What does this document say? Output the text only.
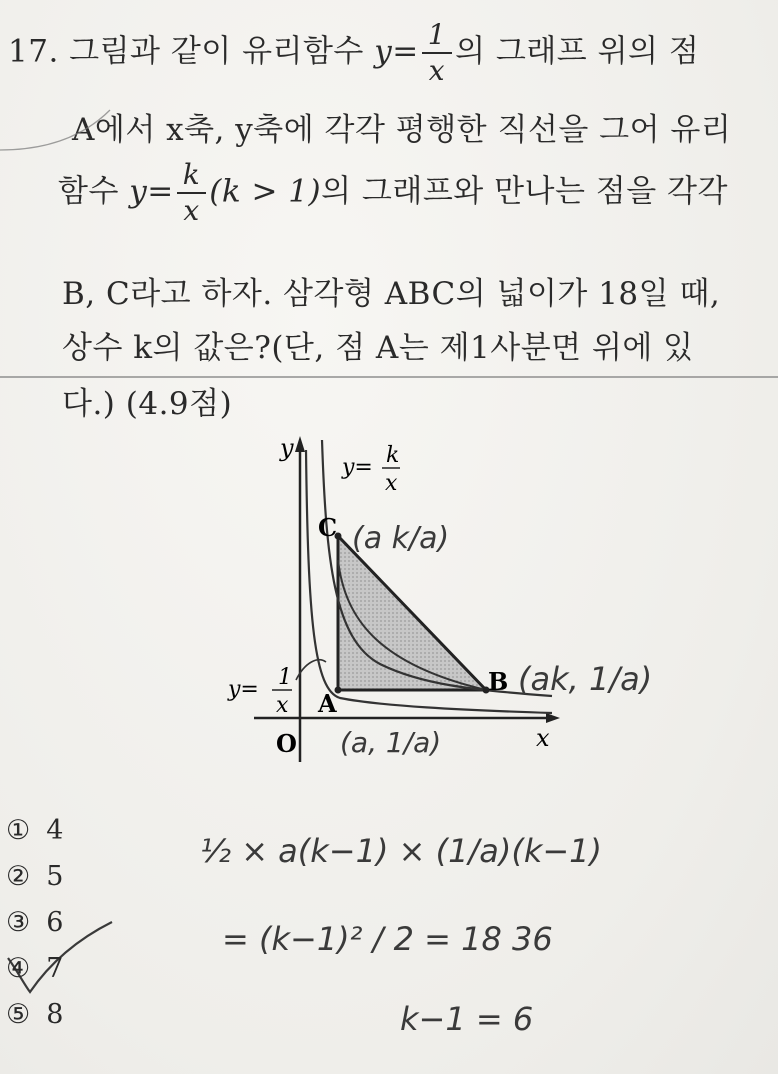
17. 그림과 같이 유리함수 $y= \frac{1}{x}$ 의 그래프 위의 점
A에서 x축, y축에 각각 평행한 직선을 그어 유리
함수 $y= \frac{k}{x} (k > 1)$의 그래프와 만나는 점을 각각
B, C라고 하자. 삼각형 ABC의 넓이가 18일 때,
상수 k의 값은?(단, 점 A는 제1사분면 위에 있
다.) (4.9점)
y
x
O
y= k
x
y= 1
x A
B
C (a k/a)
(ak, 1/a)
(a, 1/a)
½ × a(k−1) × (1/a)(k−1)
= (k−1)² / 2 = 18 36
k−1 = 6
① 4
② 5
③ 6
④ 7
⑤ 8
